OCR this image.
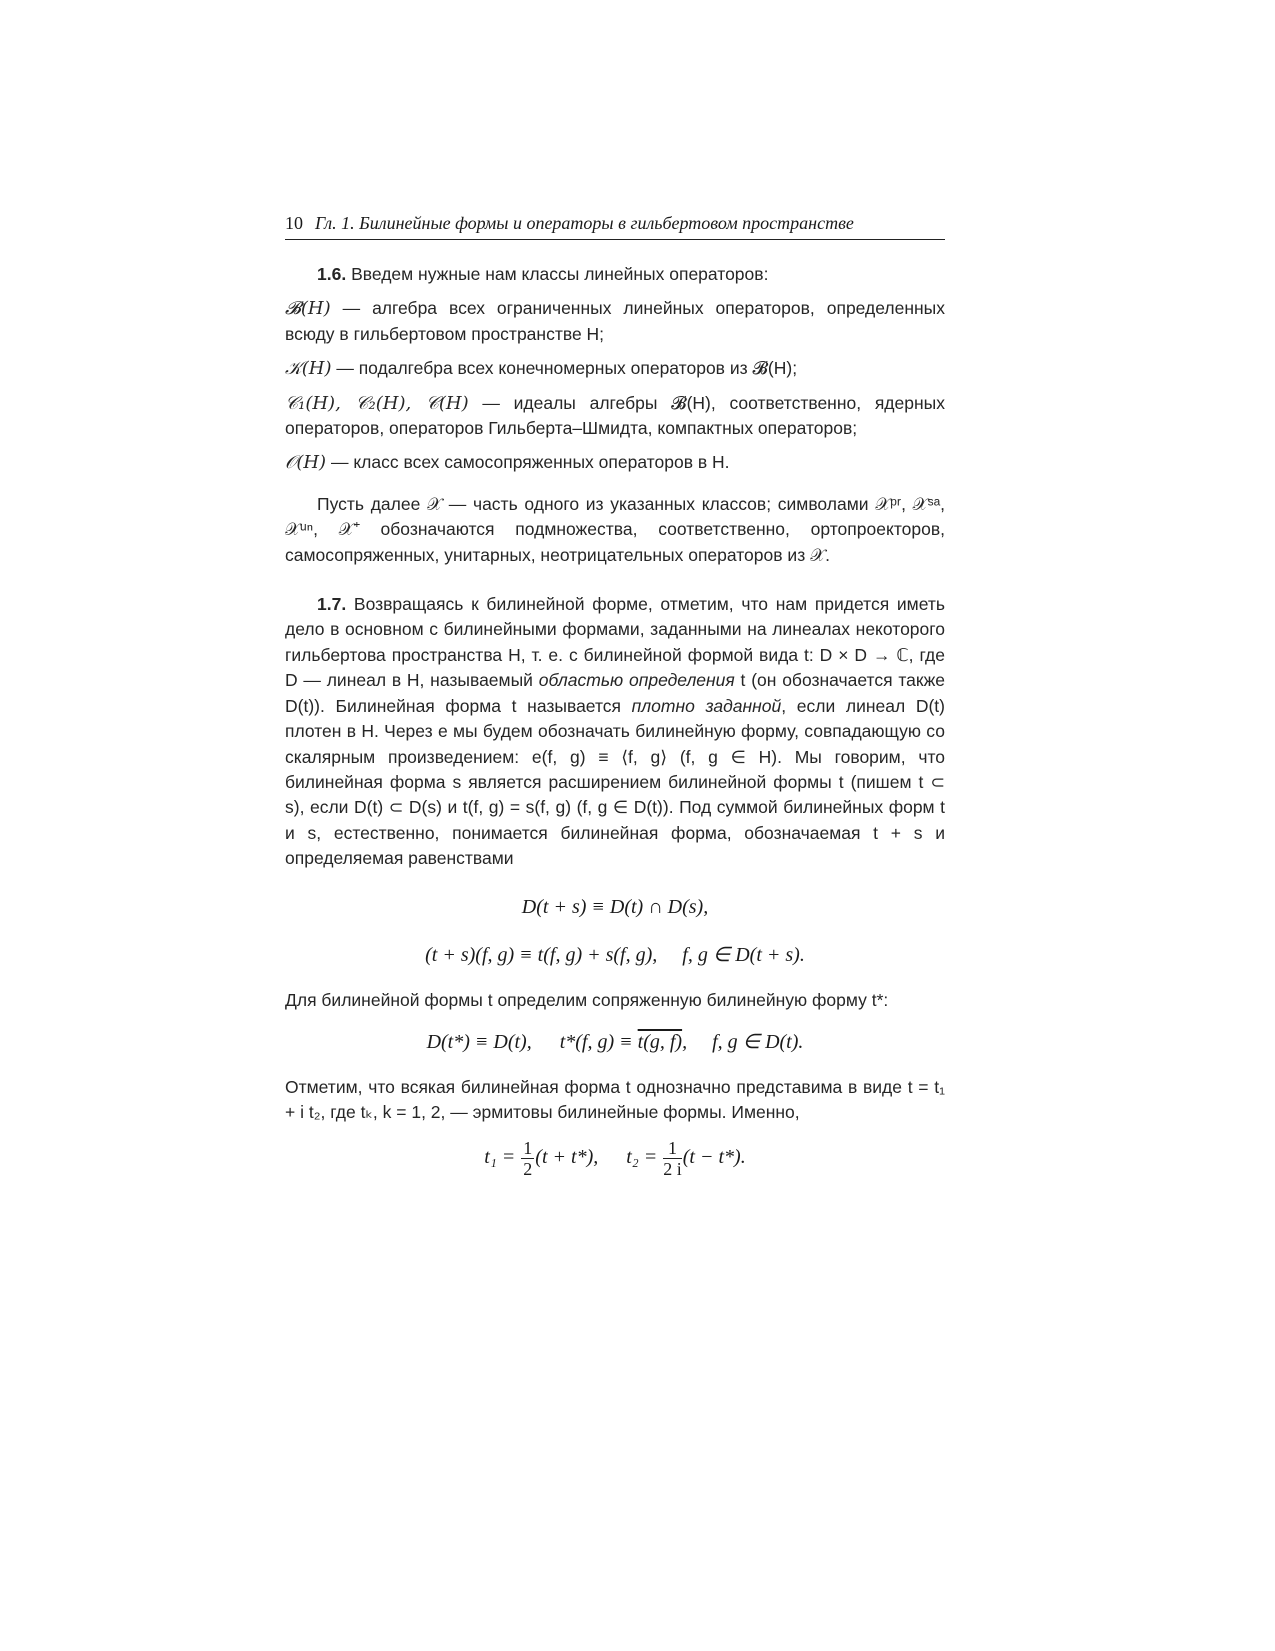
10 Гл. 1. Билинейные формы и операторы в гильбертовом пространстве
1.6. Введем нужные нам классы линейных операторов:
𝓑(H) — алгебра всех ограниченных линейных операторов, определенных всюду в гильбертовом пространстве H;
𝒦(H) — подалгебра всех конечномерных операторов из 𝓑(H);
𝒞₁(H), 𝒞₂(H), 𝒞(H) — идеалы алгебры 𝓑(H), соответственно, ядерных операторов, операторов Гильберта–Шмидта, компактных операторов;
𝒪(H) — класс всех самосопряженных операторов в H.
Пусть далее 𝒳 — часть одного из указанных классов; символами 𝒳ᵖʳ, 𝒳ˢᵃ, 𝒳ᵘⁿ, 𝒳⁺ обозначаются подмножества, соответственно, ортопроекторов, самосопряженных, унитарных, неотрицательных операторов из 𝒳.
1.7. Возвращаясь к билинейной форме, отметим, что нам придется иметь дело в основном с билинейными формами, заданными на линеалах некоторого гильбертова пространства H, т. е. с билинейной формой вида t: D × D → ℂ, где D — линеал в H, называемый областью определения t (он обозначается также D(t)). Билинейная форма t называется плотно заданной, если линеал D(t) плотен в H. Через e мы будем обозначать билинейную форму, совпадающую со скалярным произведением: e(f, g) ≡ ⟨f, g⟩ (f, g ∈ H). Мы говорим, что билинейная форма s является расширением билинейной формы t (пишем t ⊂ s), если D(t) ⊂ D(s) и t(f, g) = s(f, g) (f, g ∈ D(t)). Под суммой билинейных форм t и s, естественно, понимается билинейная форма, обозначаемая t + s и определяемая равенствами
D(t + s) ≡ D(t) ∩ D(s),
(t + s)(f, g) ≡ t(f, g) + s(f, g),     f, g ∈ D(t + s).
Для билинейной формы t определим сопряженную билинейную форму t*:
D(t*) ≡ D(t), t*(f, g) ≡ t(g, f),     f, g ∈ D(t).
Отметим, что всякая билинейная форма t однозначно представима в виде t = t₁ + i t₂, где tₖ, k = 1, 2, — эрмитовы билинейные формы. Именно,
$t_1 = \frac{1}{2} (t + t*)$, $t_2 = \frac{1}{2 i} (t - t*)$.
